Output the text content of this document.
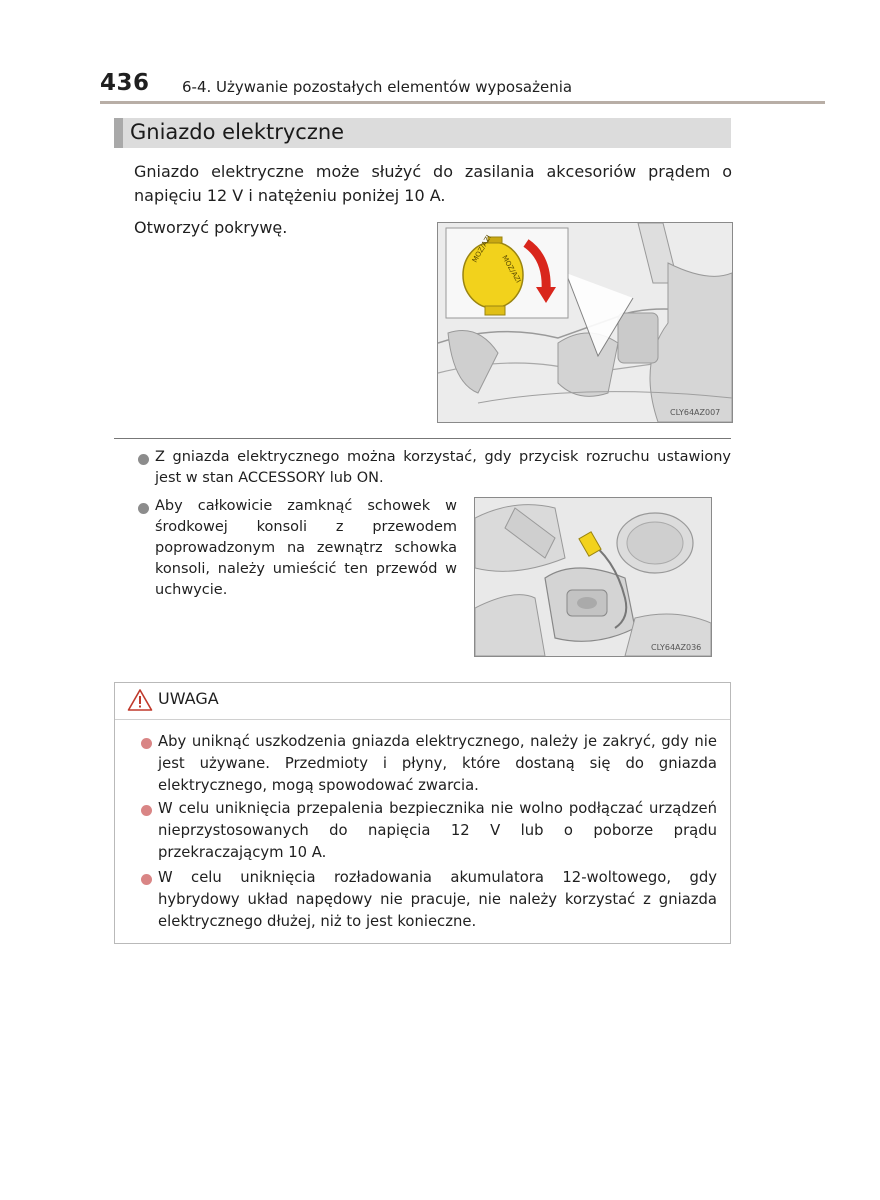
436 6-4. Używanie pozostałych elementów wyposażenia
Gniazdo elektryczne

Gniazdo elektryczne może służyć do zasilania akcesoriów prądem o napięciu 12 V i natężeniu poniżej 10 A.

Otworzyć pokrywę.

MOZ/AZI
MOZ/AZI
CLY64AZ007

Z gniazda elektrycznego można korzystać, gdy przycisk rozruchu ustawiony jest w stan ACCESSORY lub ON.

Aby całkowicie zamknąć schowek w środkowej konsoli z przewodem poprowadzonym na zewnątrz schowka konsoli, należy umieścić ten przewód w uchwycie.

CLY64AZ036
UWAGA

Aby uniknąć uszkodzenia gniazda elektrycznego, należy je zakryć, gdy nie jest używane. Przedmioty i płyny, które dostaną się do gniazda elektrycznego, mogą spowodować zwarcia.

W celu uniknięcia przepalenia bezpiecznika nie wolno podłączać urządzeń nieprzystosowanych do napięcia 12 V lub o poborze prądu przekraczającym 10 A.

W celu uniknięcia rozładowania akumulatora 12-woltowego, gdy hybrydowy układ napędowy nie pracuje, nie należy korzystać z gniazda elektrycznego dłużej, niż to jest konieczne.
